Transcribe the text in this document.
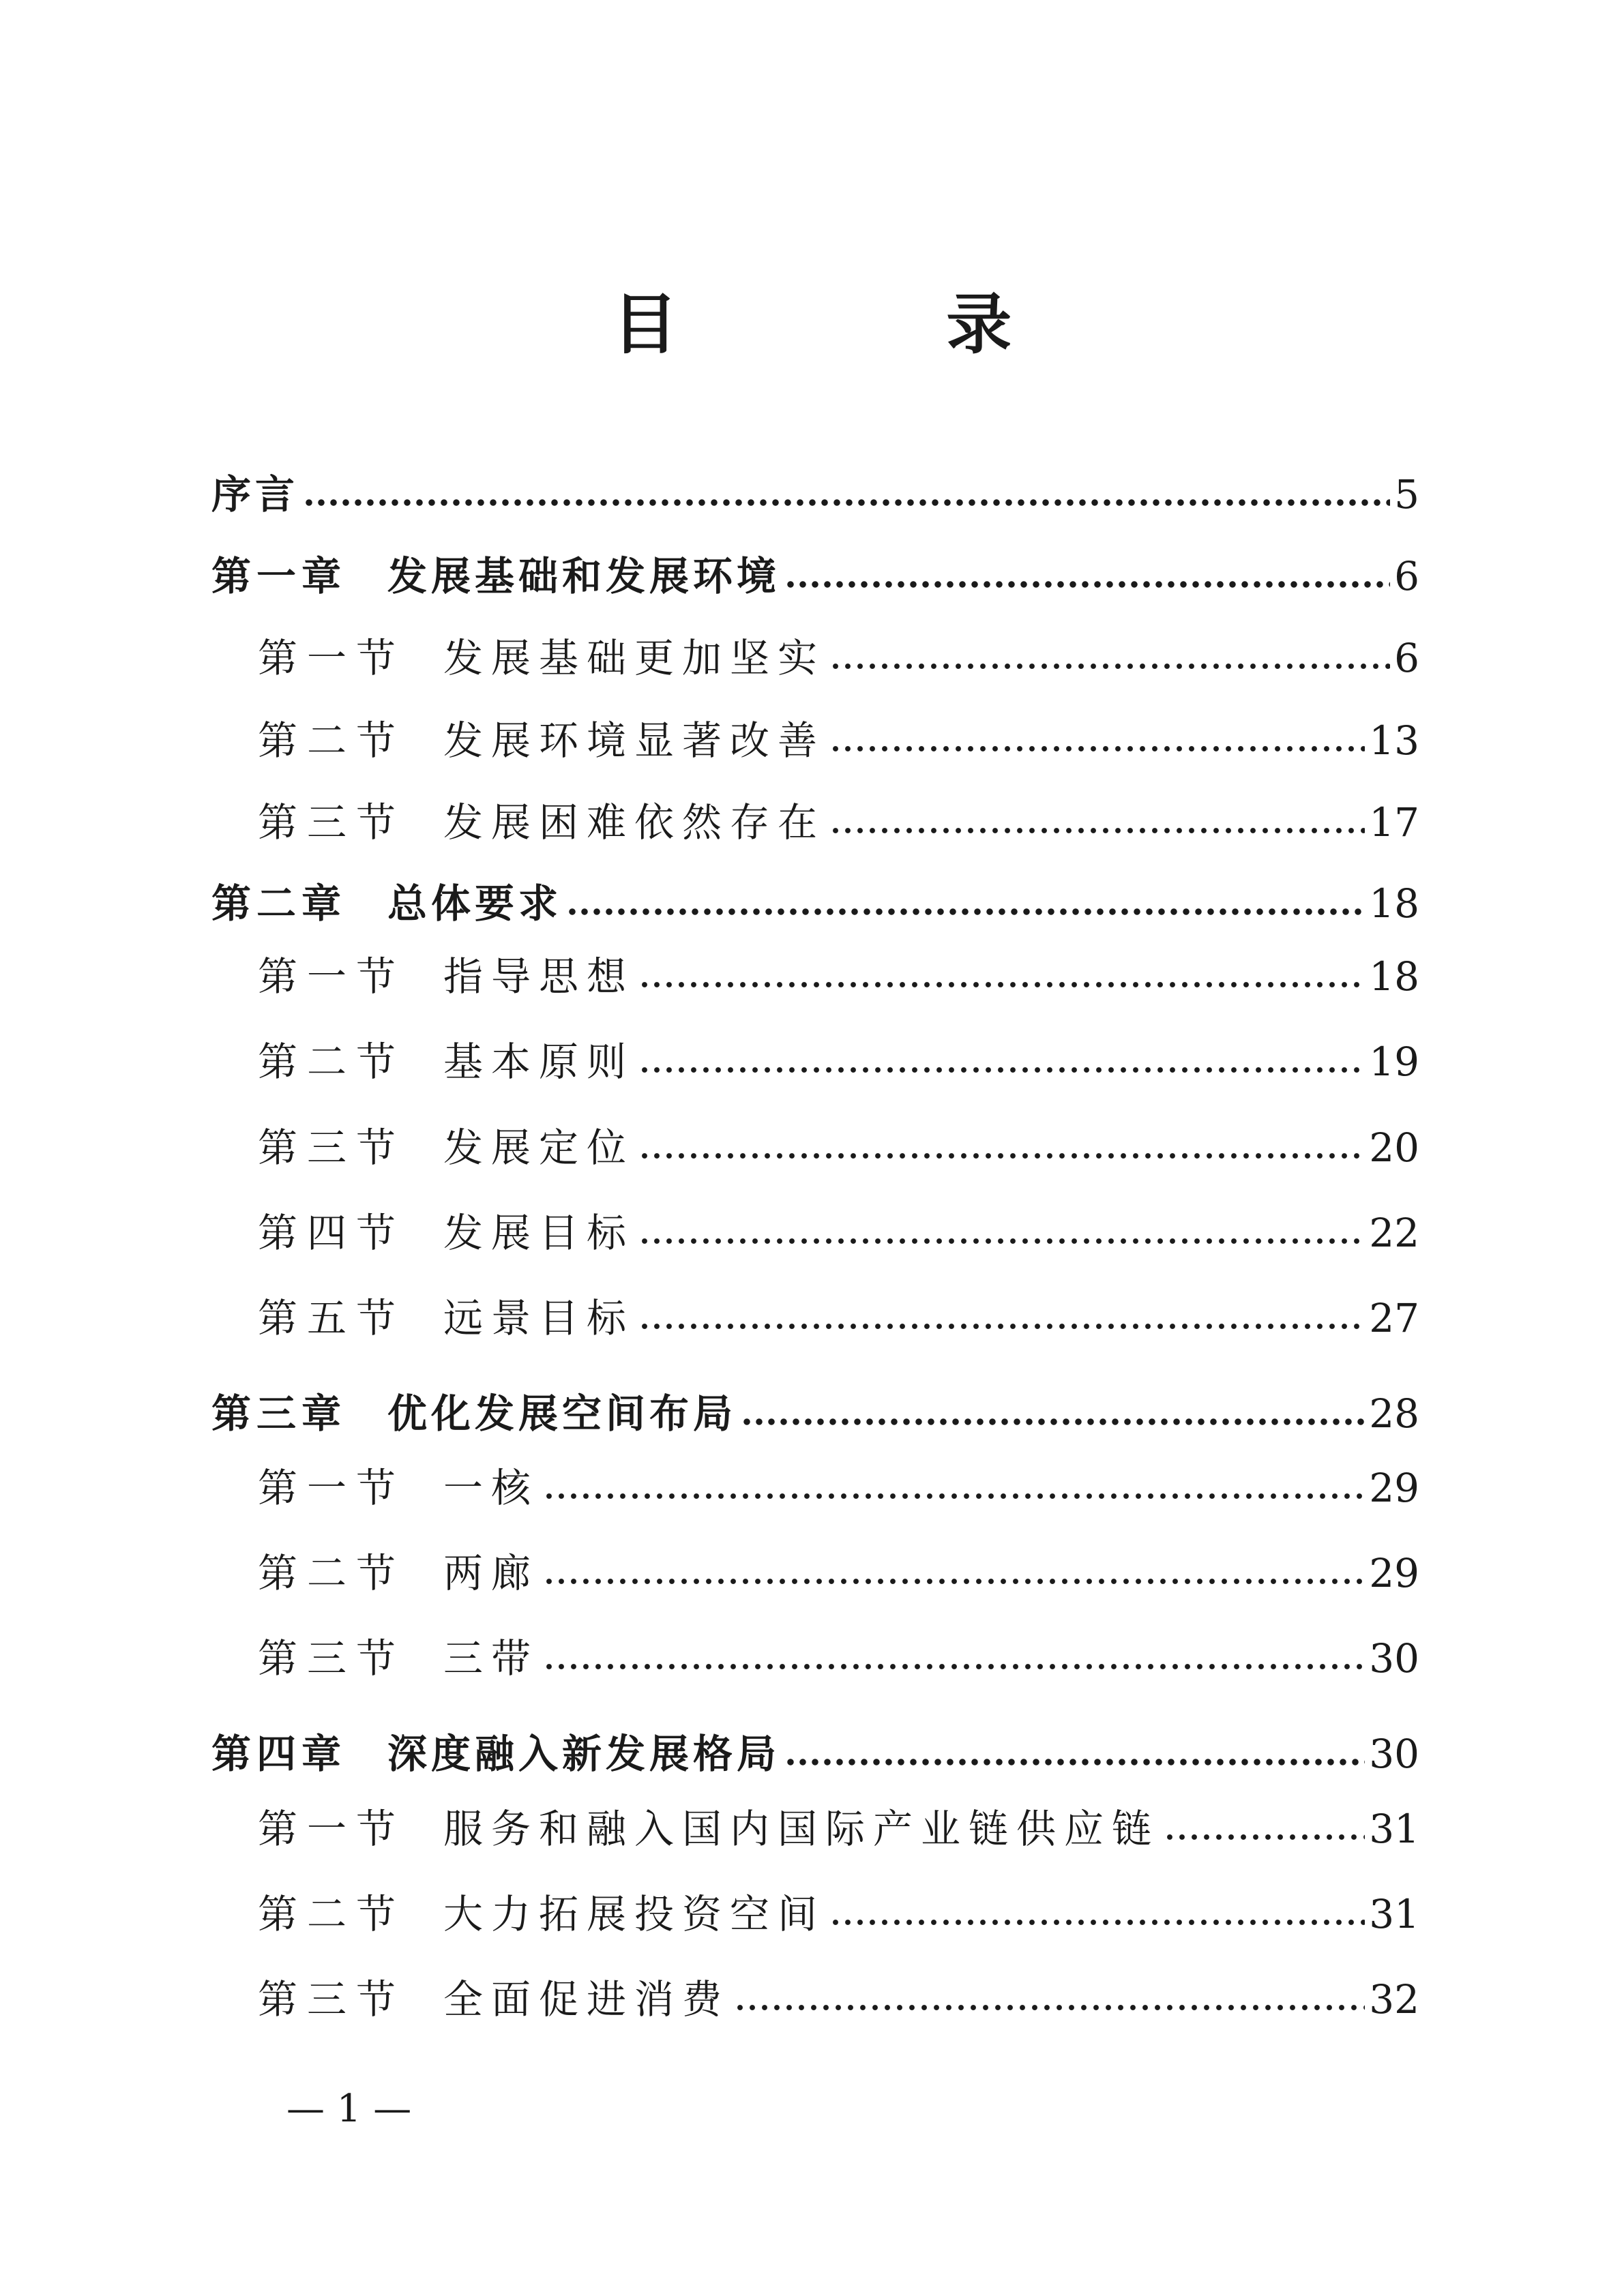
目 录
序言	5
第一章	发展基础和发展环境	6
第一节 发展基础更加坚实	6
第二节 发展环境显著改善	13
第三节 发展困难依然存在	17
第二章	总体要求	18
第一节 指导思想	18
第二节 基本原则	19
第三节 发展定位	20
第四节 发展目标	22
第五节 远景目标	27
第三章	优化发展空间布局	28
第一节 一核	29
第二节 两廊	29
第三节 三带	30
第四章	深度融入新发展格局	30
第一节 服务和融入国内国际产业链供应链	31
第二节 大力拓展投资空间	31
第三节 全面促进消费	32
— 1 —
